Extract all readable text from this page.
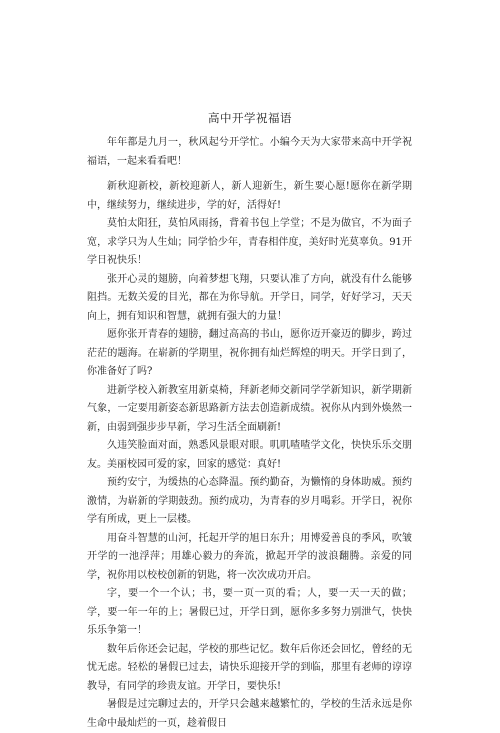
高中开学祝福语

年年都是九月一，秋风起兮开学忙。小编今天为大家带来高中开学祝福语，一起来看看吧！

新秋迎新校，新校迎新人，新人迎新生，新生要心愿!愿你在新学期中，继续努力，继续进步，学的好，活得好!

莫怕太阳狂，莫怕风雨扬，背着书包上学堂；不是为做官，不为面子宽，求学只为人生灿；同学恰少年，青春相伴度，美好时光莫辜负。91开学日祝快乐！

张开心灵的翅膀，向着梦想飞翔，只要认准了方向，就没有什么能够阻挡。无数关爱的目光，都在为你导航。开学日，同学，好好学习，天天向上，拥有知识和智慧，就拥有强大的力量！

愿你张开青春的翅膀，翻过高高的书山，愿你迈开豪迈的脚步，跨过茫茫的题海。在崭新的学期里，祝你拥有灿烂辉煌的明天。开学日到了，你准备好了吗?

进新学校入新教室用新桌椅，拜新老师交新同学学新知识，新学期新气象，一定要用新姿态新思路新方法去创造新成绩。祝你从内到外焕然一新，由弱到强步步早新，学习生活全面刷新!

久违笑脸面对面，熟悉风景眼对眼。叽叽喳喳学文化，快快乐乐交朋友。美丽校园可爱的家，回家的感觉：真好!

预约安宁，为缓热的心态降温。预约勤奋，为懒惰的身体助威。预约激情，为崭新的学期鼓劲。预约成功，为青春的岁月喝彩。开学日，祝你学有所成，更上一层楼。

用奋斗智慧的山河，托起开学的旭日东升；用博爱善良的季风，吹皱开学的一池浮萍；用雄心毅力的奔流，掀起开学的波浪翻腾。亲爱的同学，祝你用以校校创新的钥匙，将一次次成功开启。

字，要一个一个认；书，要一页一页的看；人，要一天一天的做；学，要一年一年的上；暑假已过，开学日到，愿你多多努力别泄气，快快乐乐争第一！

数年后你还会记起，学校的那些记忆。数年后你还会回忆，曾经的无忧无虑。轻松的暑假已过去，请快乐迎接开学的到临，那里有老师的谆谆教导，有同学的珍贵友谊。开学日，要快乐!

暑假是过完聊过去的，开学只会越来越繁忙的，学校的生活永远是你生命中最灿烂的一页，趁着假日
